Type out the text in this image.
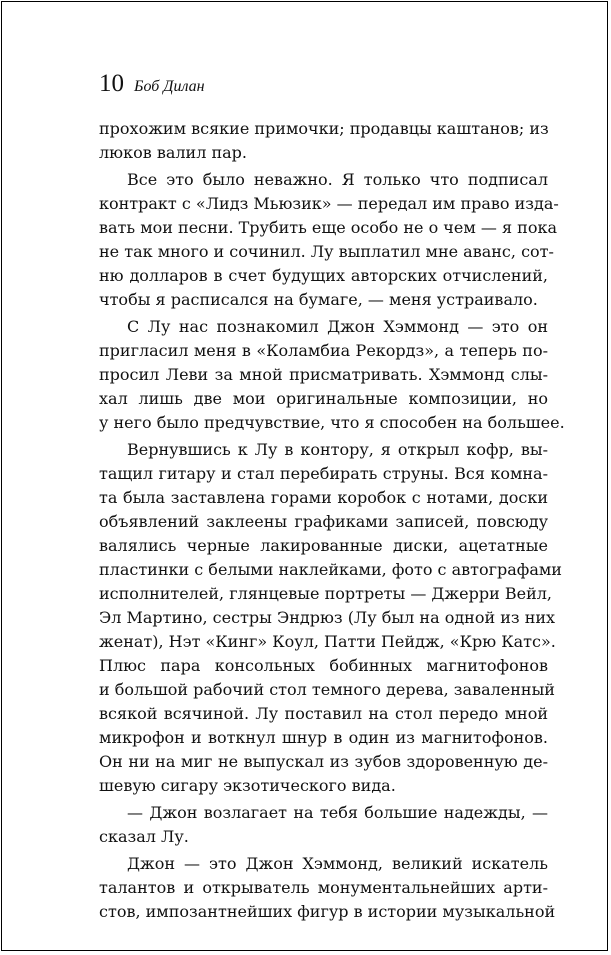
10 Боб Дилан
прохожим всякие примочки; продавцы каштанов; из
люков валил пар.
Все это было неважно. Я только что подписал
контракт с «Лидз Мьюзик» — передал им право изда-
вать мои песни. Трубить еще особо не о чем — я пока
не так много и сочинил. Лу выплатил мне аванс, сот-
ню долларов в счет будущих авторских отчислений,
чтобы я расписался на бумаге, — меня устраивало.
С Лу нас познакомил Джон Хэммонд — это он
пригласил меня в «Коламбиа Рекордз», а теперь по-
просил Леви за мной присматривать. Хэммонд слы-
хал лишь две мои оригинальные композиции, но
у него было предчувствие, что я способен на большее.
Вернувшись к Лу в контору, я открыл кофр, вы-
тащил гитару и стал перебирать струны. Вся комна-
та была заставлена горами коробок с нотами, доски
объявлений заклеены графиками записей, повсюду
валялись черные лакированные диски, ацетатные
пластинки с белыми наклейками, фото с автографами
исполнителей, глянцевые портреты — Джерри Вейл,
Эл Мартино, сестры Эндрюз (Лу был на одной из них
женат), Нэт «Кинг» Коул, Патти Пейдж, «Крю Катс».
Плюс пара консольных бобинных магнитофонов
и большой рабочий стол темного дерева, заваленный
всякой всячиной. Лу поставил на стол передо мной
микрофон и воткнул шнур в один из магнитофонов.
Он ни на миг не выпускал из зубов здоровенную де-
шевую сигару экзотического вида.
— Джон возлагает на тебя большие надежды, —
сказал Лу.
Джон — это Джон Хэммонд, великий искатель
талантов и открыватель монументальнейших арти-
стов, импозантнейших фигур в истории музыкальной
